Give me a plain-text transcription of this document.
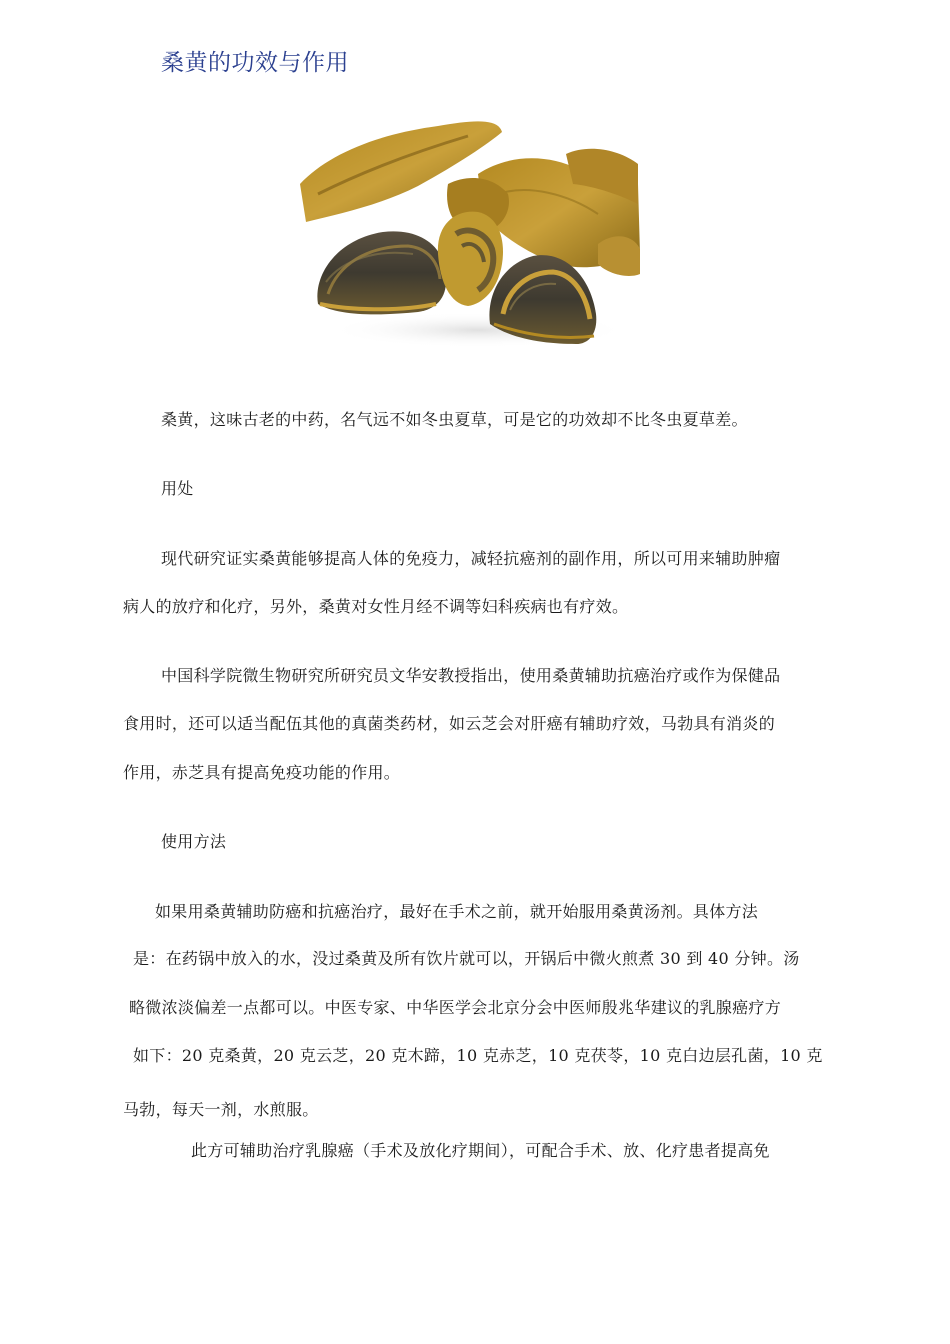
桑黄的功效与作用
桑黄，这味古老的中药，名气远不如冬虫夏草，可是它的功效却不比冬虫夏草差。
用处
现代研究证实桑黄能够提高人体的免疫力，减轻抗癌剂的副作用，所以可用来辅助肿瘤
病人的放疗和化疗，另外，桑黄对女性月经不调等妇科疾病也有疗效。
中国科学院微生物研究所研究员文华安教授指出，使用桑黄辅助抗癌治疗或作为保健品
食用时，还可以适当配伍其他的真菌类药材，如云芝会对肝癌有辅助疗效，马勃具有消炎的
作用，赤芝具有提高免疫功能的作用。
使用方法
如果用桑黄辅助防癌和抗癌治疗，最好在手术之前，就开始服用桑黄汤剂。具体方法
是：在药锅中放入的水，没过桑黄及所有饮片就可以，开锅后中微火煎煮 30 到 40 分钟。汤
略微浓淡偏差一点都可以。中医专家、中华医学会北京分会中医师殷兆华建议的乳腺癌疗方
如下：20 克桑黄，20 克云芝，20 克木蹄，10 克赤芝，10 克茯苓，10 克白边层孔菌，10 克
马勃，每天一剂，水煎服。
此方可辅助治疗乳腺癌（手术及放化疗期间），可配合手术、放、化疗患者提高免
